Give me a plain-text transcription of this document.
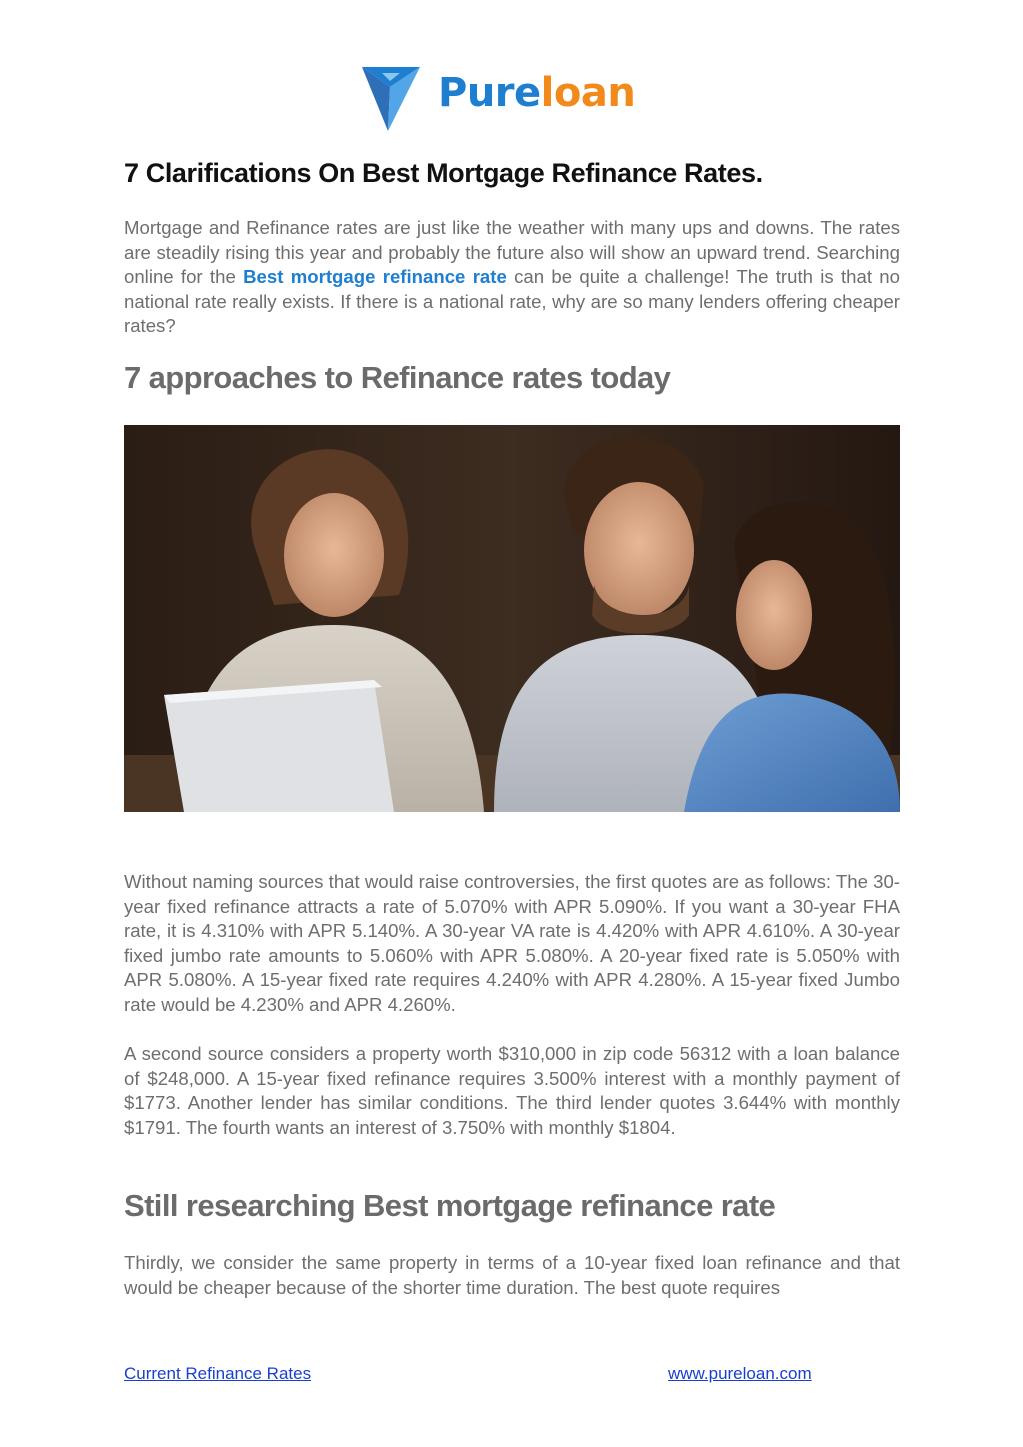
Pureloan
7 Clarifications On Best Mortgage Refinance Rates.

Mortgage and Refinance rates are just like the weather with many ups and downs. The rates are steadily rising this year and probably the future also will show an upward trend. Searching online for the Best mortgage refinance rate can be quite a challenge! The truth is that no national rate really exists. If there is a national rate, why are so many lenders offering cheaper rates?

7 approaches to Refinance rates today

Without naming sources that would raise controversies, the first quotes are as follows: The 30-year fixed refinance attracts a rate of 5.070% with APR 5.090%. If you want a 30-year FHA rate, it is 4.310% with APR 5.140%. A 30-year VA rate is 4.420% with APR 4.610%. A 30-year fixed jumbo rate amounts to 5.060% with APR 5.080%. A 20-year fixed rate is 5.050% with APR 5.080%. A 15-year fixed rate requires 4.240% with APR 4.280%. A 15-year fixed Jumbo rate would be 4.230% and APR 4.260%.

A second source considers a property worth $310,000 in zip code 56312 with a loan balance of $248,000. A 15-year fixed refinance requires 3.500% interest with a monthly payment of $1773. Another lender has similar conditions. The third lender quotes 3.644% with monthly $1791. The fourth wants an interest of 3.750% with monthly $1804.

Still researching Best mortgage refinance rate

Thirdly, we consider the same property in terms of a 10-year fixed loan refinance and that would be cheaper because of the shorter time duration. The best quote requires

Current Refinance Rates	www.pureloan.com
